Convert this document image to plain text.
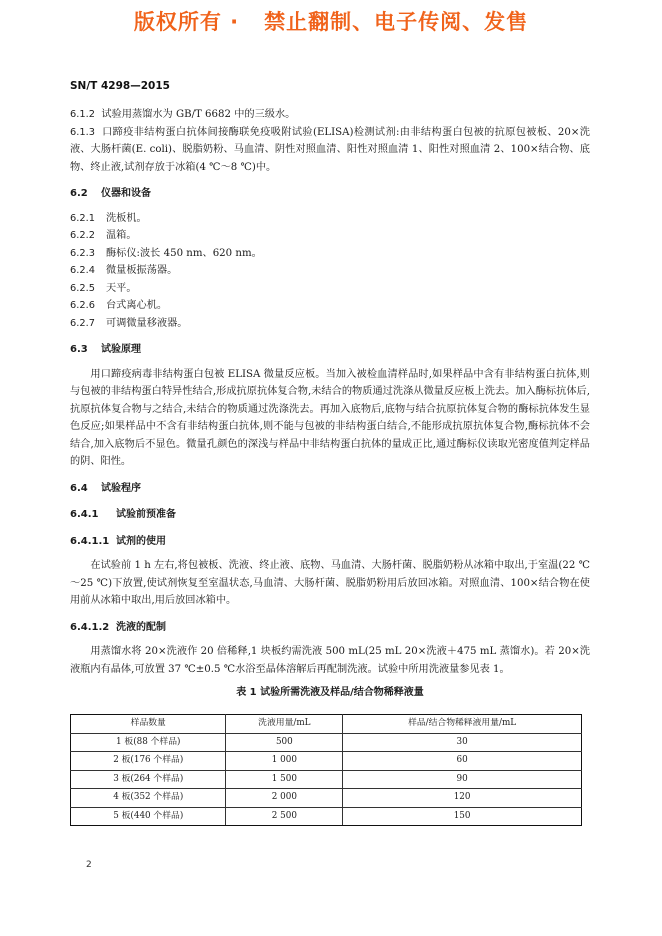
版权所有 ·   禁止翻制、电子传阅、发售
SN/T 4298—2015

6.1.2 试验用蒸馏水为 GB/T 6682 中的三级水。

6.1.3 口蹄疫非结构蛋白抗体间接酶联免疫吸附试验(ELISA)检测试剂:由非结构蛋白包被的抗原包被板、20×洗液、大肠杆菌(E. coli)、脱脂奶粉、马血清、阴性对照血清、阳性对照血清 1、阳性对照血清 2、100×结合物、底物、终止液,试剂存放于冰箱(4 ℃～8 ℃)中。

6.2	仪器和设备
6.2.1	洗板机。
6.2.2	温箱。
6.2.3	酶标仪:波长 450 nm、620 nm。
6.2.4	微量板振荡器。
6.2.5	天平。
6.2.6	台式离心机。
6.2.7	可调微量移液器。
6.3	试验原理

用口蹄疫病毒非结构蛋白包被 ELISA 微量反应板。当加入被检血清样品时,如果样品中含有非结构蛋白抗体,则与包被的非结构蛋白特异性结合,形成抗原抗体复合物,未结合的物质通过洗涤从微量反应板上洗去。加入酶标抗体后,抗原抗体复合物与之结合,未结合的物质通过洗涤洗去。再加入底物后,底物与结合抗原抗体复合物的酶标抗体发生显色反应;如果样品中不含有非结构蛋白抗体,则不能与包被的非结构蛋白结合,不能形成抗原抗体复合物,酶标抗体不会结合,加入底物后不显色。微量孔颜色的深浅与样品中非结构蛋白抗体的量成正比,通过酶标仪读取光密度值判定样品的阴、阳性。

6.4	试验程序
6.4.1	试验前预准备
6.4.1.1 试剂的使用

在试验前 1 h 左右,将包被板、洗液、终止液、底物、马血清、大肠杆菌、脱脂奶粉从冰箱中取出,于室温(22 ℃～25 ℃)下放置,使试剂恢复至室温状态,马血清、大肠杆菌、脱脂奶粉用后放回冰箱。对照血清、100×结合物在使用前从冰箱中取出,用后放回冰箱中。

6.4.1.2 洗液的配制

用蒸馏水将 20×洗液作 20 倍稀释,1 块板约需洗液 500 mL(25 mL 20×洗液＋475 mL 蒸馏水)。若 20×洗液瓶内有晶体,可放置 37 ℃±0.5 ℃水浴至晶体溶解后再配制洗液。试验中所用洗液量参见表 1。

表 1 试验所需洗液及样品/结合物稀释液量
样品数量	洗液用量/mL	样品/结合物稀释液用量/mL
1 板(88 个样品)	500	30
2 板(176 个样品)	1 000	60
3 板(264 个样品)	1 500	90
4 板(352 个样品)	2 000	120
5 板(440 个样品)	2 500	150
2
